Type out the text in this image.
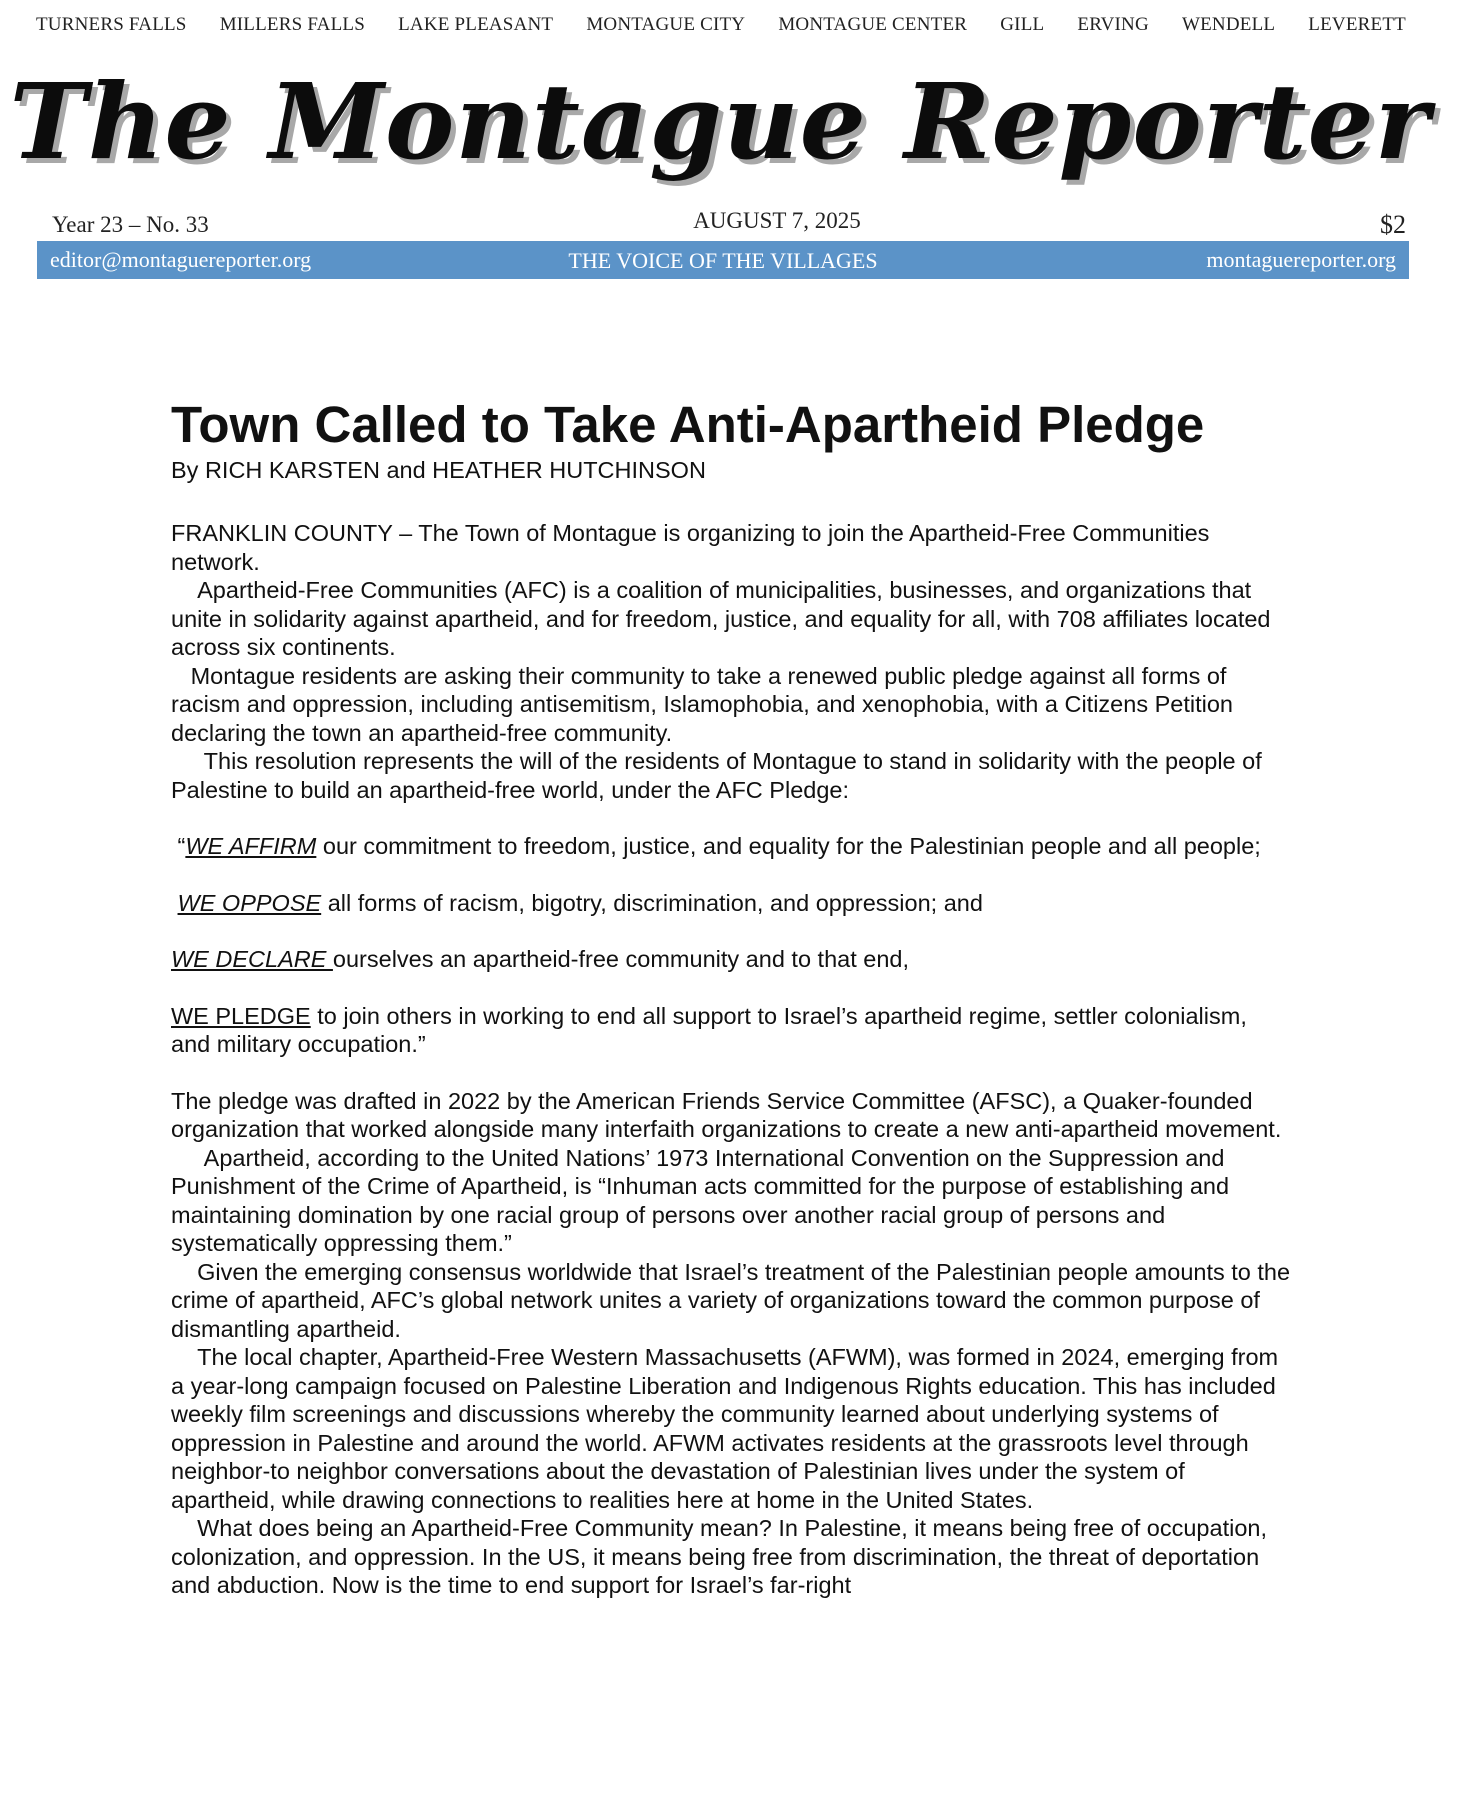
TURNERS FALLS MILLERS FALLS LAKE PLEASANT MONTAGUE CITY MONTAGUE CENTER GILL ERVING WENDELL LEVERETT
The Montague Reporter
Year 23 – No. 33	AUGUST 7, 2025	$2
THE VOICE OF THE VILLAGES
editor@montaguereporter.org	montaguereporter.org
Town Called to Take Anti-Apartheid Pledge

By RICH KARSTEN and HEATHER HUTCHINSON

FRANKLIN COUNTY – The Town of Montague is organizing to join the Apartheid-Free Communities network.

Apartheid-Free Communities (AFC) is a coalition of municipalities, businesses, and organizations that unite in solidarity against apartheid, and for freedom, justice, and equality for all, with 708 affiliates located across six continents.

Montague residents are asking their community to take a renewed public pledge against all forms of racism and oppression, including antisemitism, Islamophobia, and xenophobia, with a Citizens Petition declaring the town an apartheid-free community.

This resolution represents the will of the residents of Montague to stand in solidarity with the people of Palestine to build an apartheid-free world, under the AFC Pledge:

“WE AFFIRM our commitment to freedom, justice, and equality for the Palestinian people and all people;

WE OPPOSE all forms of racism, bigotry, discrimination, and oppression; and

WE DECLARE ourselves an apartheid-free community and to that end,

WE PLEDGE to join others in working to end all support to Israel’s apartheid regime, settler colonialism, and military occupation.”

The pledge was drafted in 2022 by the American Friends Service Committee (AFSC), a Quaker-founded organization that worked alongside many interfaith organizations to create a new anti-apartheid movement.

Apartheid, according to the United Nations’ 1973 International Convention on the Suppression and Punishment of the Crime of Apartheid, is “Inhuman acts committed for the purpose of establishing and maintaining domination by one racial group of persons over another racial group of persons and systematically oppressing them.”

Given the emerging consensus worldwide that Israel’s treatment of the Palestinian people amounts to the crime of apartheid, AFC’s global network unites a variety of organizations toward the common purpose of dismantling apartheid.

The local chapter, Apartheid-Free Western Massachusetts (AFWM), was formed in 2024, emerging from a year-long campaign focused on Palestine Liberation and Indigenous Rights education. This has included weekly film screenings and discussions whereby the community learned about underlying systems of oppression in Palestine and around the world. AFWM activates residents at the grassroots level through neighbor-to neighbor conversations about the devastation of Palestinian lives under the system of apartheid, while drawing connections to realities here at home in the United States.

What does being an Apartheid-Free Community mean? In Palestine, it means being free of occupation, colonization, and oppression. In the US, it means being free from discrimination, the threat of deportation and abduction. Now is the time to end support for Israel’s far-right
